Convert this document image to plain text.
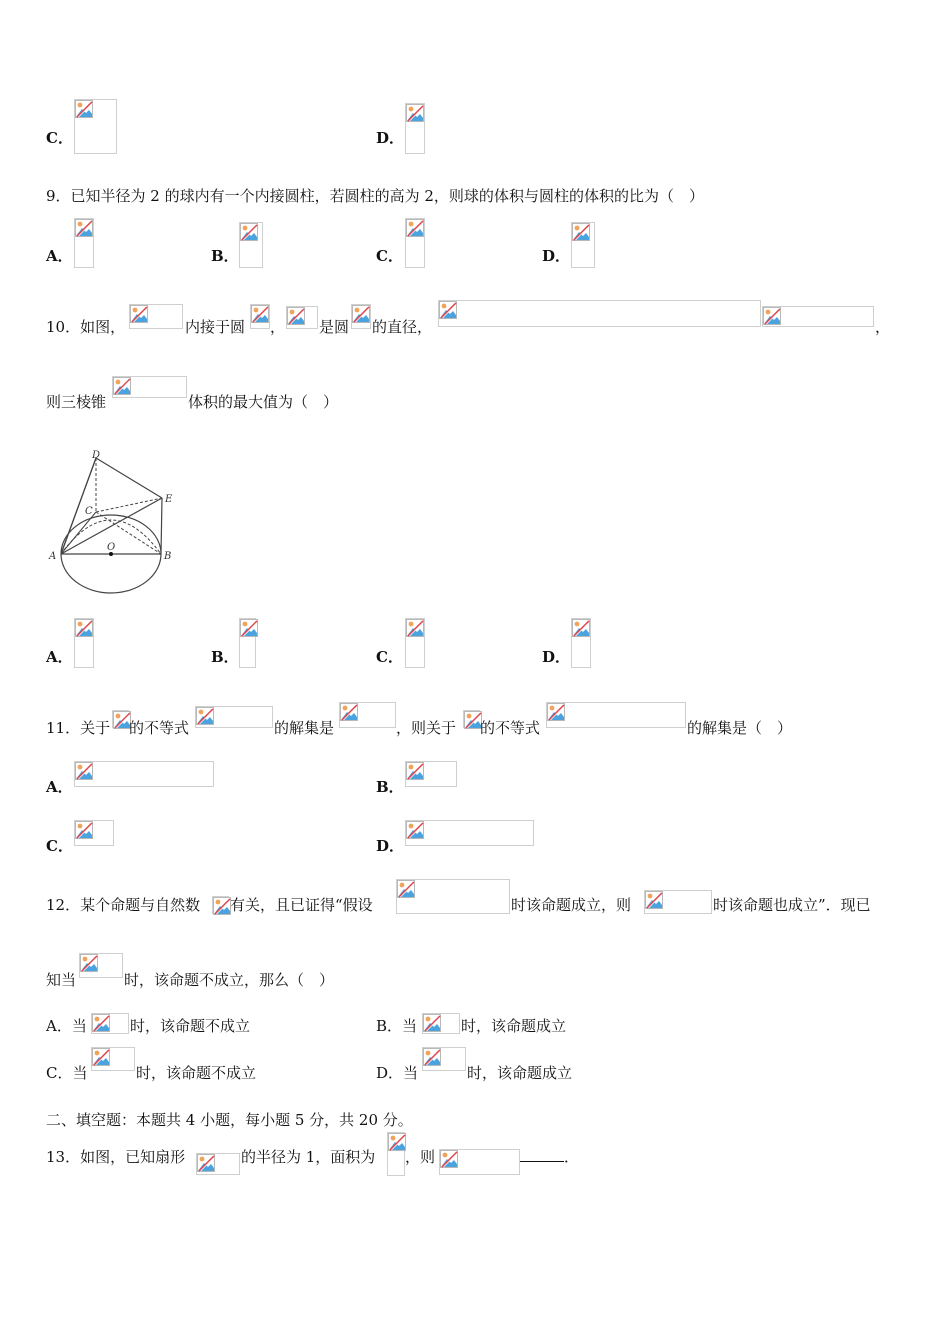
C．	D．
9．已知半径为 2 的球内有一个内接圆柱，若圆柱的高为 2，则球的体积与圆柱的体积的比为（　）
A．	B．	C．	D．
10．如图，	内接于圆 ， 是圆 的直径，	，
则三棱锥	体积的最大值为（　）
D
E
C
A
O
B
A．	B．	C．	D．
11．关于 的不等式	的解集是	，则关于 的不等式	的解集是（　）
A．	B．
C．	D．
12．某个命题与自然数 有关，且已证得“假设	时该命题成立，则	时该命题也成立”．现已
知当	时，该命题不成立，那么（　）
A．当	时，该命题不成立	B．当	时，该命题成立
C．当	时，该命题不成立	D．当	时，该命题成立
二、填空题：本题共 4 小题，每小题 5 分，共 20 分。
13．如图，已知扇形	的半径为 1，面积为 ，则	．
